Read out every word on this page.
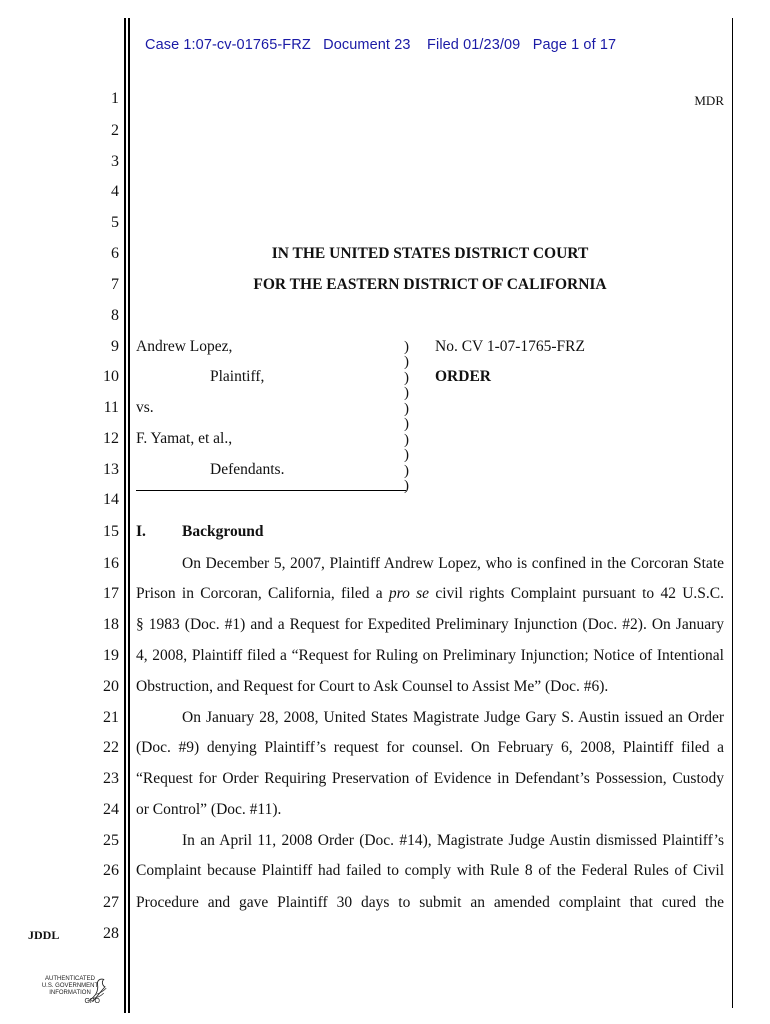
Case 1:07-cv-01765-FRZ   Document 23    Filed 01/23/09   Page 1 of 17
MDR
1
2
3
4
5
6
7
8
9
10
11
12
13
14
15
16
17
18
19
20
21
22
23
24
25
26
27
28
IN THE UNITED STATES DISTRICT COURT
FOR THE EASTERN DISTRICT OF CALIFORNIA
Andrew Lopez,
Plaintiff,
vs.
F. Yamat, et al.,
Defendants.
)
)
)
)
)
)
)
)
)
)
No. CV 1-07-1765-FRZ
ORDER
I. Background
On December 5, 2007, Plaintiff Andrew Lopez, who is confined in the Corcoran State
Prison in Corcoran, California, filed a pro se civil rights Complaint pursuant to 42 U.S.C.
§ 1983 (Doc. #1) and a Request for Expedited Preliminary Injunction (Doc. #2). On January
4, 2008, Plaintiff filed a “Request for Ruling on Preliminary Injunction; Notice of Intentional
Obstruction, and Request for Court to Ask Counsel to Assist Me” (Doc. #6).
On January 28, 2008, United States Magistrate Judge Gary S. Austin issued an Order
(Doc. #9) denying Plaintiff’s request for counsel. On February 6, 2008, Plaintiff filed a
“Request for Order Requiring Preservation of Evidence in Defendant’s Possession, Custody
or Control” (Doc. #11).
In an April 11, 2008 Order (Doc. #14), Magistrate Judge Austin dismissed Plaintiff’s
Complaint because Plaintiff had failed to comply with Rule 8 of the Federal Rules of Civil
Procedure and gave Plaintiff 30 days to submit an amended complaint that cured the
JDDL
AUTHENTICATED
U.S. GOVERNMENT
INFORMATION
GPO
